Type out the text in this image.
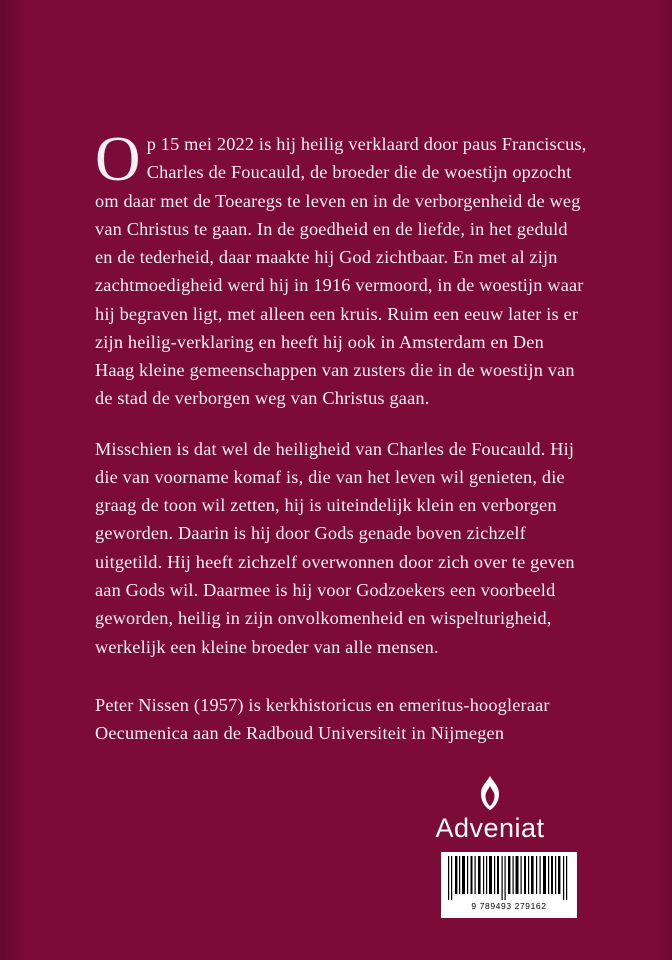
Op 15 mei 2022 is hij heilig verklaard door paus Franciscus, Charles de Foucauld, de broeder die de woestijn opzocht om daar met de Toearegs te leven en in de verborgenheid de weg van Christus te gaan. In de goedheid en de liefde, in het geduld en de tederheid, daar maakte hij God zichtbaar. En met al zijn zachtmoedigheid werd hij in 1916 vermoord, in de woestijn waar hij begraven ligt, met alleen een kruis. Ruim een eeuw later is er zijn heilig-verklaring en heeft hij ook in Amsterdam en Den Haag kleine gemeenschappen van zusters die in de woestijn van de stad de verborgen weg van Christus gaan.

Misschien is dat wel de heiligheid van Charles de Foucauld. Hij die van voorname komaf is, die van het leven wil genieten, die graag de toon wil zetten, hij is uiteindelijk klein en verborgen geworden. Daarin is hij door Gods genade boven zichzelf uitgetild. Hij heeft zichzelf overwonnen door zich over te geven aan Gods wil. Daarmee is hij voor Godzoekers een voorbeeld geworden, heilig in zijn onvolkomenheid en wispelturigheid, werkelijk een kleine broeder van alle mensen.

Peter Nissen (1957) is kerkhistoricus en emeritus-hoogleraar Oecumenica aan de Radboud Universiteit in Nijmegen

Adveniat
9 789493 279162
